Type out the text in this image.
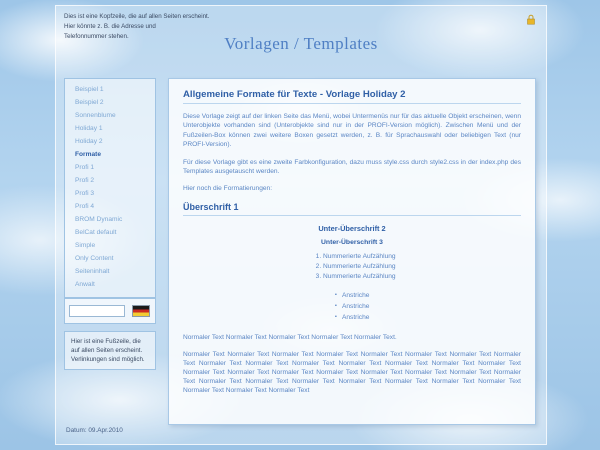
Dies ist eine Kopfzeile, die auf allen Seiten erscheint.
Hier könnte z. B. die Adresse und
Telefonnummer stehen.	Vorlagen / Templates
Beispiel 1
Beispiel 2
Sonnenblume
Holiday 1
Holiday 2
Formate
Profi 1
Profi 2
Profi 3
Profi 4
BROM Dynamic
BelCat default
Simple
Only Content
Seiteninhalt
Anwalt
Hier ist eine Fußzeile, die auf allen Seiten erscheint. Verlinkungen sind möglich.
Datum: 09.Apr.2010
Allgemeine Formate für Texte - Vorlage Holiday 2

Diese Vorlage zeigt auf der linken Seite das Menü, wobei Untermenüs nur für das aktuelle Objekt erscheinen, wenn Unterobjekte vorhanden sind (Unterobjekte sind nur in der PROFI-Version möglich). Zwischen Menü und der Fußzeilen-Box können zwei weitere Boxen gesetzt werden, z. B. für Sprachauswahl oder beliebigen Text (nur PROFI-Version).

Für diese Vorlage gibt es eine zweite Farbkonfiguration, dazu muss style.css durch style2.css in der index.php des Templates ausgetauscht werden.

Hier noch die Formatierungen:

Überschrift 1
Unter-Überschrift 2
Unter-Überschrift 3
1. Nummerierte Aufzählung
2. Nummerierte Aufzählung
3. Nummerierte Aufzählung
▪ Anstriche
▪ Anstriche
▪ Anstriche

Normaler Text Normaler Text Normaler Text Normaler Text Normaler Text.

Normaler Text Normaler Text Normaler Text Normaler Text Normaler Text Normaler Text Normaler Text Normaler Text Normaler Text Normaler Text Normaler Text Normaler Text Normaler Text Normaler Text Normaler Text Normaler Text Normaler Text Normaler Text Normaler Text Normaler Text Normaler Text Normaler Text Normaler Text Normaler Text Normaler Text Normaler Text Normaler Text Normaler Text Normaler Text Normaler Text Normaler Text Normaler Text Normaler Text
